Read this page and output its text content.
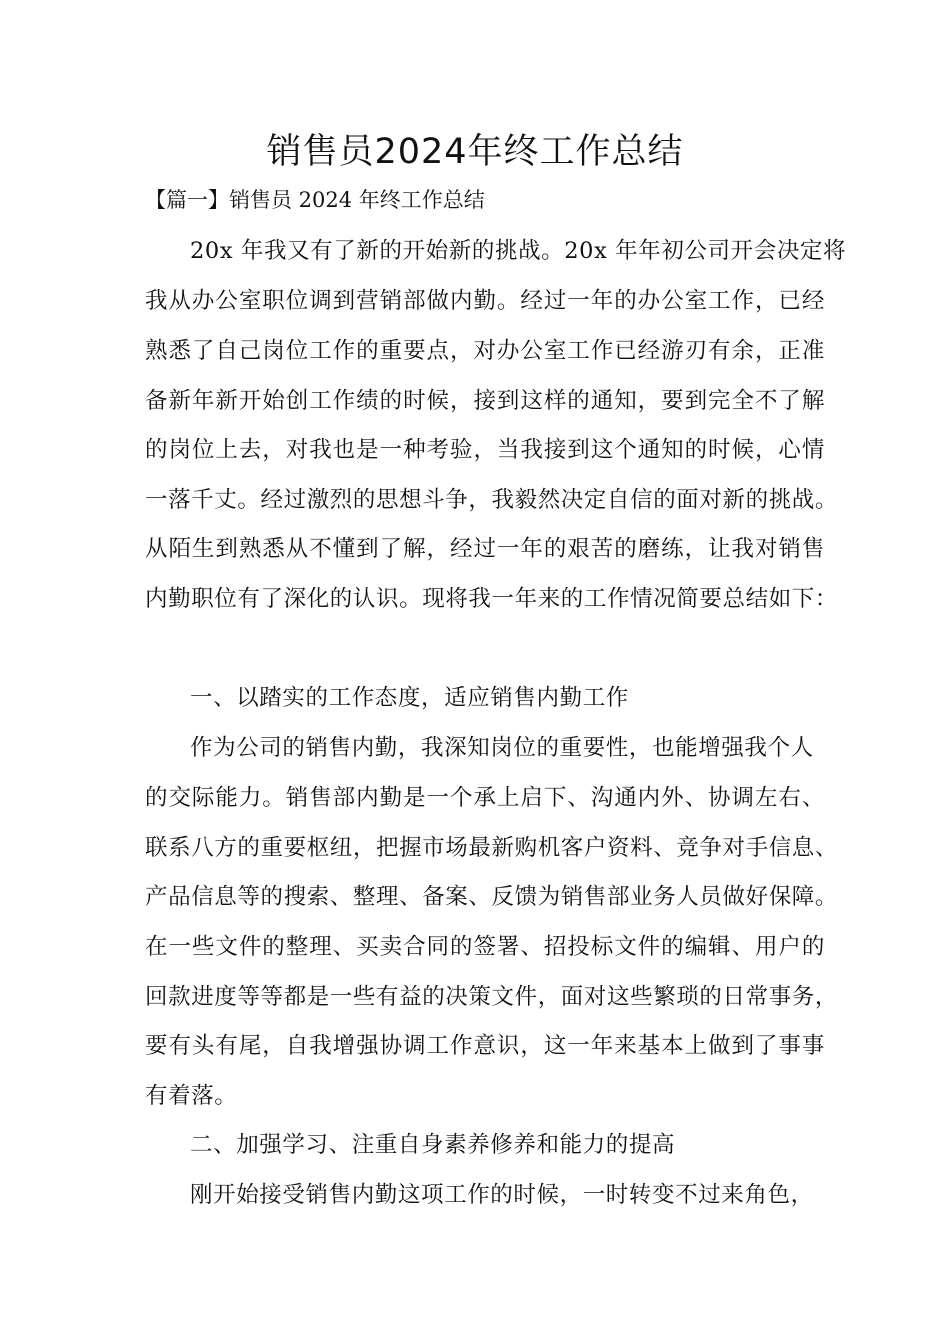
销售员2024年终工作总结
【篇一】销售员 2024 年终工作总结
20x 年我又有了新的开始新的挑战。20x 年年初公司开会决定将
我从办公室职位调到营销部做内勤。经过一年的办公室工作，已经
熟悉了自己岗位工作的重要点，对办公室工作已经游刃有余，正准
备新年新开始创工作绩的时候，接到这样的通知，要到完全不了解
的岗位上去，对我也是一种考验，当我接到这个通知的时候，心情
一落千丈。经过激烈的思想斗争，我毅然决定自信的面对新的挑战。
从陌生到熟悉从不懂到了解，经过一年的艰苦的磨练，让我对销售
内勤职位有了深化的认识。现将我一年来的工作情况简要总结如下：
一、以踏实的工作态度，适应销售内勤工作
作为公司的销售内勤，我深知岗位的重要性，也能增强我个人
的交际能力。销售部内勤是一个承上启下、沟通内外、协调左右、
联系八方的重要枢纽，把握市场最新购机客户资料、竞争对手信息、
产品信息等的搜索、整理、备案、反馈为销售部业务人员做好保障。
在一些文件的整理、买卖合同的签署、招投标文件的编辑、用户的
回款进度等等都是一些有益的决策文件，面对这些繁琐的日常事务，
要有头有尾，自我增强协调工作意识，这一年来基本上做到了事事
有着落。
二、加强学习、注重自身素养修养和能力的提高
刚开始接受销售内勤这项工作的时候，一时转变不过来角色，
